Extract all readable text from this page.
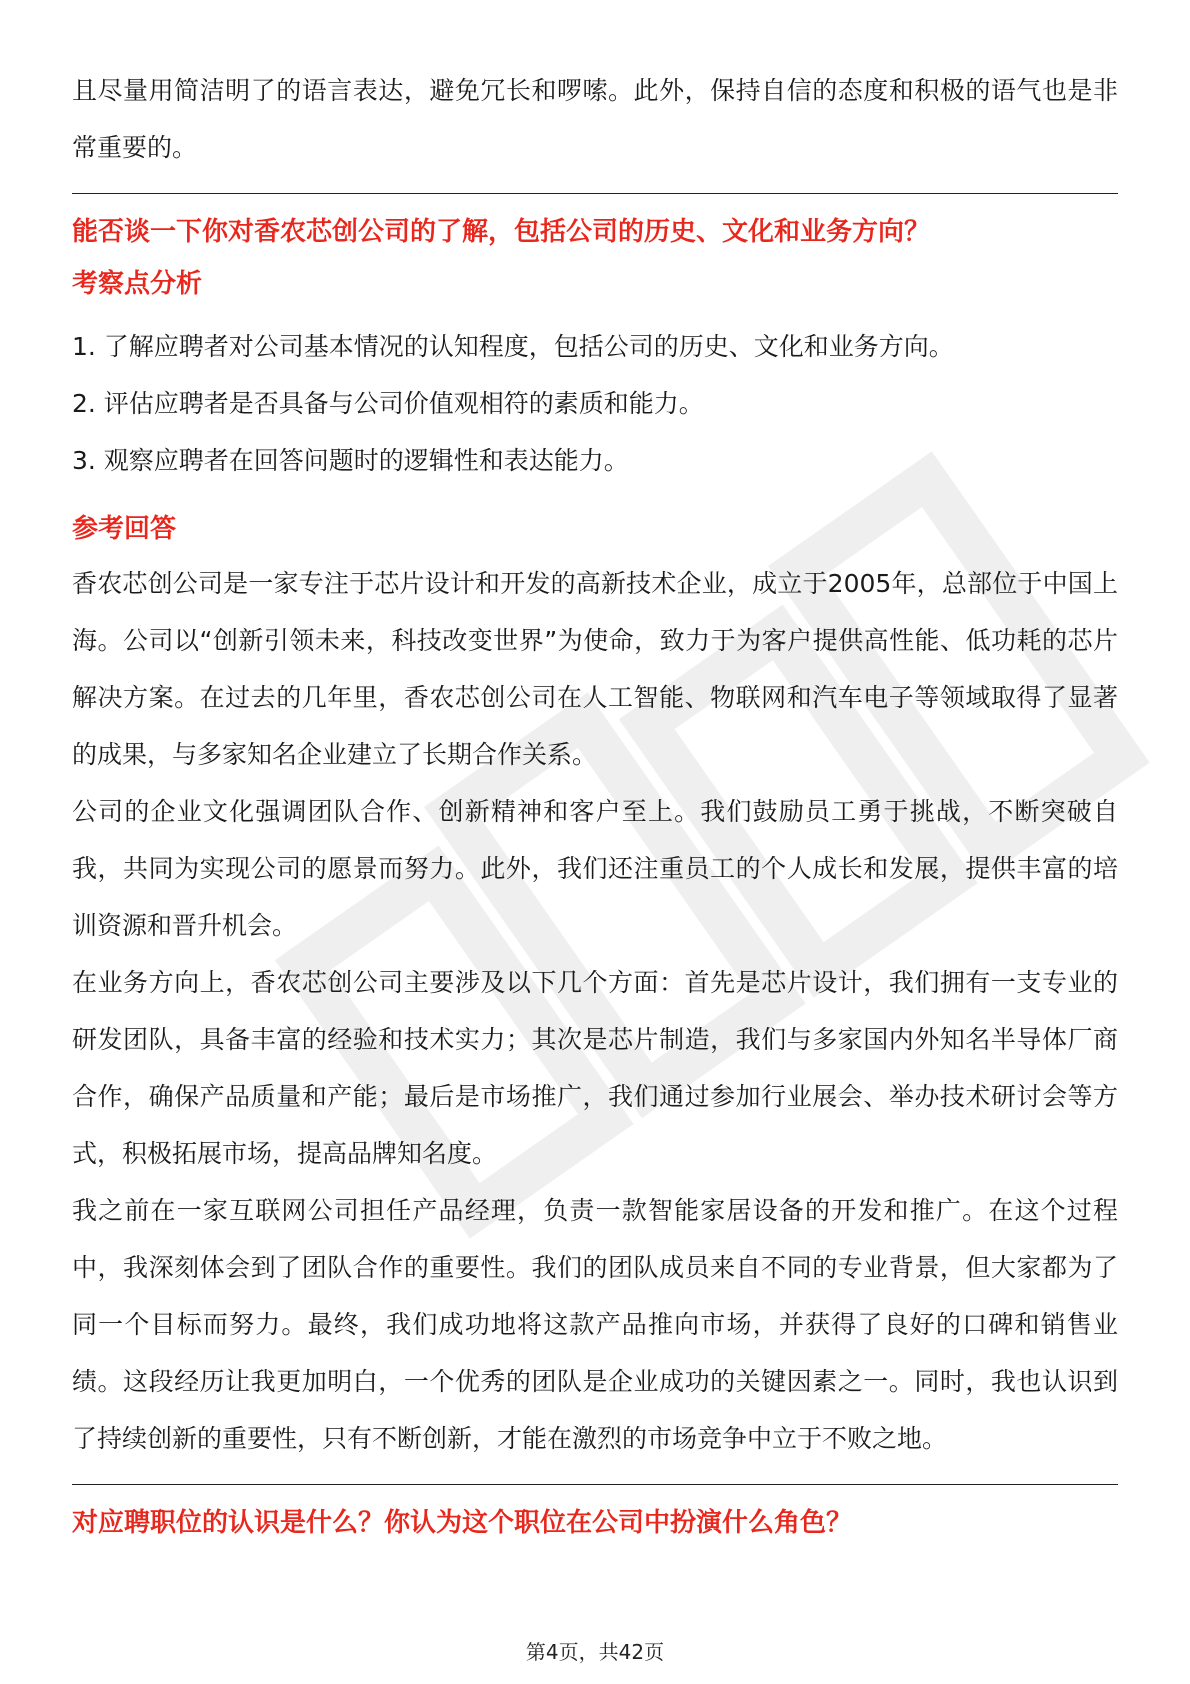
且尽量用简洁明了的语言表达，避免冗长和啰嗦。此外，保持自信的态度和积极的语气也是非常重要的。

能否谈一下你对香农芯创公司的了解，包括公司的历史、文化和业务方向？

考察点分析

1. 了解应聘者对公司基本情况的认知程度，包括公司的历史、文化和业务方向。

2. 评估应聘者是否具备与公司价值观相符的素质和能力。

3. 观察应聘者在回答问题时的逻辑性和表达能力。

参考回答

香农芯创公司是一家专注于芯片设计和开发的高新技术企业，成立于2005年，总部位于中国上海。公司以“创新引领未来，科技改变世界”为使命，致力于为客户提供高性能、低功耗的芯片解决方案。在过去的几年里，香农芯创公司在人工智能、物联网和汽车电子等领域取得了显著的成果，与多家知名企业建立了长期合作关系。

公司的企业文化强调团队合作、创新精神和客户至上。我们鼓励员工勇于挑战，不断突破自我，共同为实现公司的愿景而努力。此外，我们还注重员工的个人成长和发展，提供丰富的培训资源和晋升机会。

在业务方向上，香农芯创公司主要涉及以下几个方面：首先是芯片设计，我们拥有一支专业的研发团队，具备丰富的经验和技术实力；其次是芯片制造，我们与多家国内外知名半导体厂商合作，确保产品质量和产能；最后是市场推广，我们通过参加行业展会、举办技术研讨会等方式，积极拓展市场，提高品牌知名度。

我之前在一家互联网公司担任产品经理，负责一款智能家居设备的开发和推广。在这个过程中，我深刻体会到了团队合作的重要性。我们的团队成员来自不同的专业背景，但大家都为了同一个目标而努力。最终，我们成功地将这款产品推向市场，并获得了良好的口碑和销售业绩。这段经历让我更加明白，一个优秀的团队是企业成功的关键因素之一。同时，我也认识到了持续创新的重要性，只有不断创新，才能在激烈的市场竞争中立于不败之地。

对应聘职位的认识是什么？你认为这个职位在公司中扮演什么角色？

第4页，共42页
